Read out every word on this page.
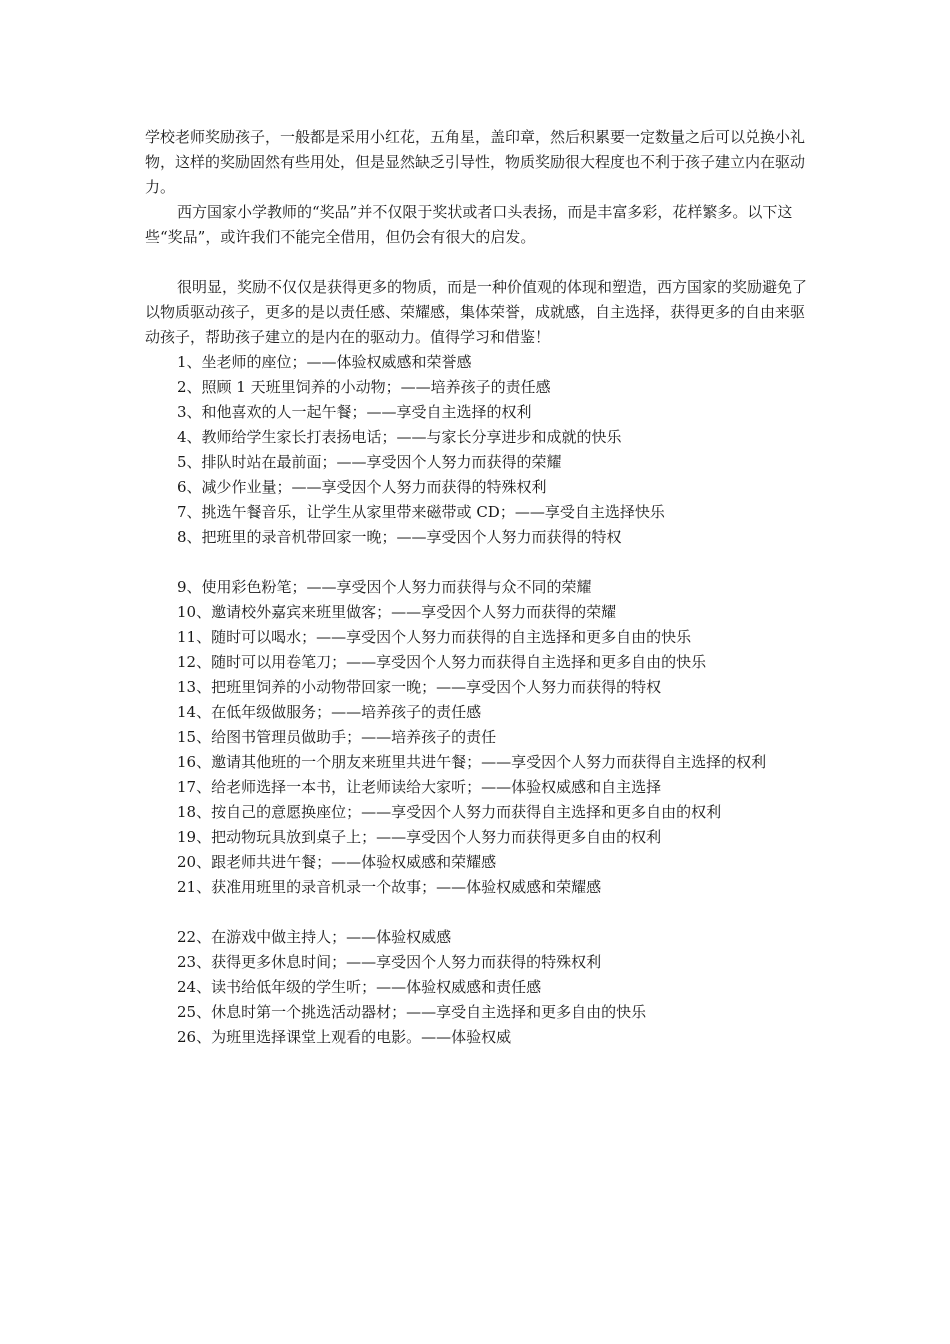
学校老师奖励孩子，一般都是采用小红花，五角星，盖印章，然后积累要一定数量之后可以兑换小礼物，这样的奖励固然有些用处，但是显然缺乏引导性，物质奖励很大程度也不利于孩子建立内在驱动力。

西方国家小学教师的“奖品”并不仅限于奖状或者口头表扬，而是丰富多彩，花样繁多。以下这些“奖品”，或许我们不能完全借用，但仍会有很大的启发。

很明显，奖励不仅仅是获得更多的物质，而是一种价值观的体现和塑造，西方国家的奖励避免了以物质驱动孩子，更多的是以责任感、荣耀感，集体荣誉，成就感，自主选择，获得更多的自由来驱动孩子，帮助孩子建立的是内在的驱动力。值得学习和借鉴！

1、坐老师的座位；——体验权威感和荣誉感

2、照顾 1 天班里饲养的小动物；——培养孩子的责任感

3、和他喜欢的人一起午餐；——享受自主选择的权利

4、教师给学生家长打表扬电话；——与家长分享进步和成就的快乐

5、排队时站在最前面；——享受因个人努力而获得的荣耀

6、减少作业量；——享受因个人努力而获得的特殊权利

7、挑选午餐音乐，让学生从家里带来磁带或 CD；——享受自主选择快乐

8、把班里的录音机带回家一晚；——享受因个人努力而获得的特权

9、使用彩色粉笔；——享受因个人努力而获得与众不同的荣耀

10、邀请校外嘉宾来班里做客；——享受因个人努力而获得的荣耀

11、随时可以喝水；——享受因个人努力而获得的自主选择和更多自由的快乐

12、随时可以用卷笔刀；——享受因个人努力而获得自主选择和更多自由的快乐

13、把班里饲养的小动物带回家一晚；——享受因个人努力而获得的特权

14、在低年级做服务；——培养孩子的责任感

15、给图书管理员做助手；——培养孩子的责任

16、邀请其他班的一个朋友来班里共进午餐；——享受因个人努力而获得自主选择的权利

17、给老师选择一本书，让老师读给大家听；——体验权威感和自主选择

18、按自己的意愿换座位；——享受因个人努力而获得自主选择和更多自由的权利

19、把动物玩具放到桌子上；——享受因个人努力而获得更多自由的权利

20、跟老师共进午餐；——体验权威感和荣耀感

21、获准用班里的录音机录一个故事；——体验权威感和荣耀感

22、在游戏中做主持人；——体验权威感

23、获得更多休息时间；——享受因个人努力而获得的特殊权利

24、读书给低年级的学生听；——体验权威感和责任感

25、休息时第一个挑选活动器材；——享受自主选择和更多自由的快乐

26、为班里选择课堂上观看的电影。——体验权威
